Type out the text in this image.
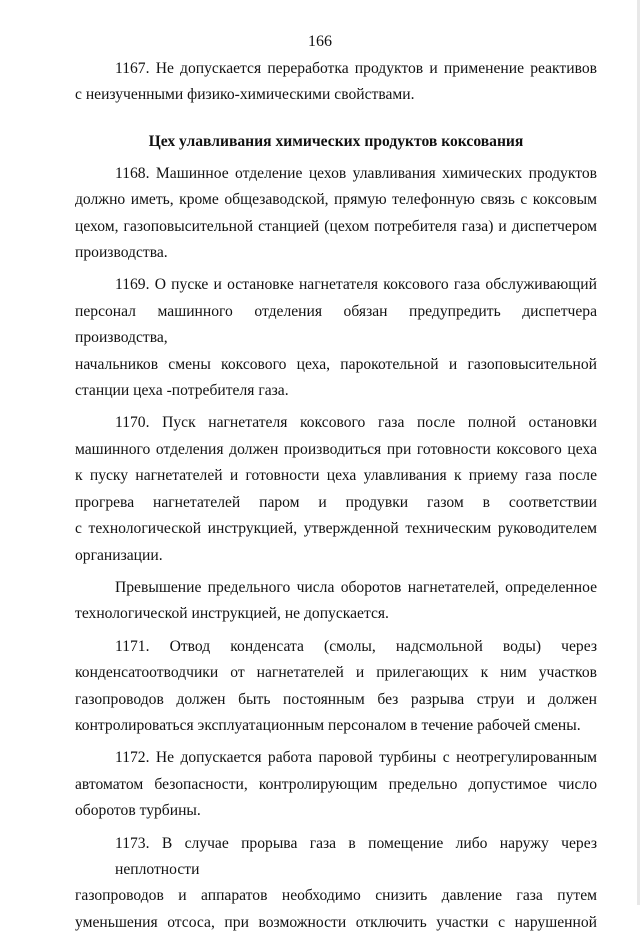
166
1167. Не допускается переработка продуктов и применение реактивов
с неизученными физико-химическими свойствами.
Цех улавливания химических продуктов коксования
1168. Машинное отделение цехов улавливания химических продуктов
должно иметь, кроме общезаводской, прямую телефонную связь с коксовым
цехом, газоповысительной станцией (цехом потребителя газа) и диспетчером
производства.
1169. О пуске и остановке нагнетателя коксового газа обслуживающий
персонал машинного отделения обязан предупредить диспетчера производства,
начальников смены коксового цеха, парокотельной и газоповысительной
станции цеха -потребителя газа.
1170. Пуск нагнетателя коксового газа после полной остановки
машинного отделения должен производиться при готовности коксового цеха
к пуску нагнетателей и готовности цеха улавливания к приему газа после
прогрева нагнетателей паром и продувки газом в соответствии
с технологической инструкцией, утвержденной техническим руководителем
организации.
Превышение предельного числа оборотов нагнетателей, определенное
технологической инструкцией, не допускается.
1171. Отвод конденсата (смолы, надсмольной воды) через
конденсатоотводчики от нагнетателей и прилегающих к ним участков
газопроводов должен быть постоянным без разрыва струи и должен
контролироваться эксплуатационным персоналом в течение рабочей смены.
1172. Не допускается работа паровой турбины с неотрегулированным
автоматом безопасности, контролирующим предельно допустимое число
оборотов турбины.
1173. В случае прорыва газа в помещение либо наружу через неплотности
газопроводов и аппаратов необходимо снизить давление газа путем
уменьшения отсоса, при возможности отключить участки с нарушенной
